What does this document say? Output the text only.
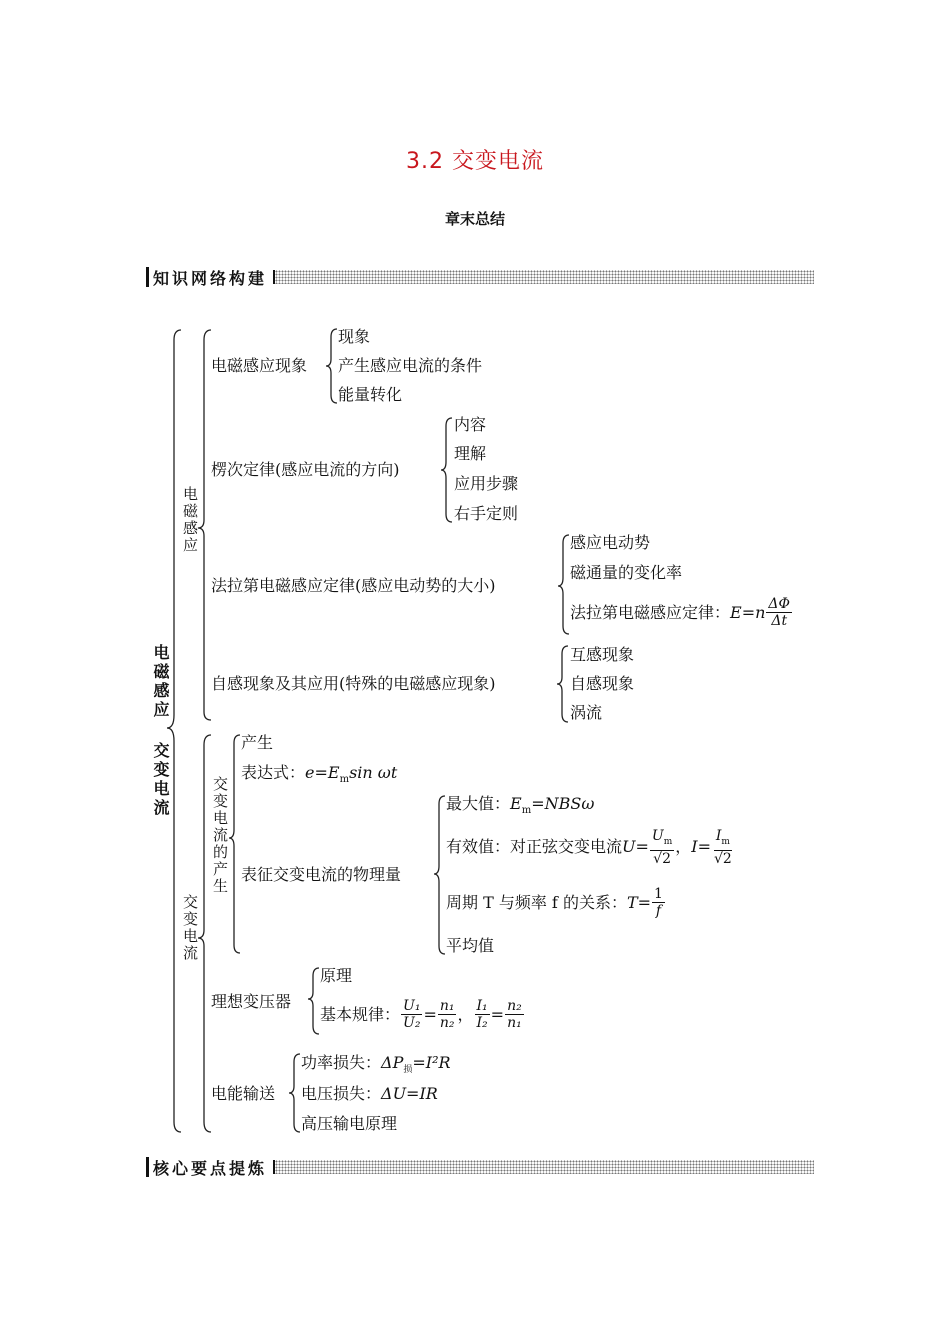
3.2 交变电流
章末总结
知识网络构建
电磁感应 交变电流
电磁感应
电磁感应现象
现象
产生感应电流的条件
能量转化
楞次定律(感应电流的方向)
内容
理解
应用步骤
右手定则
法拉第电磁感应定律(感应电动势的大小)
感应电动势
磁通量的变化率
法拉第电磁感应定律： $E=n \frac{\Delta\Phi}{\Delta t}$
自感现象及其应用(特殊的电磁感应现象)
互感现象
自感现象
涡流
交变电流
交变电流的产生
产生
表达式：$e=E_m\sin$ ωt
表征交变电流的物理量
最大值：$E_m=NBS\omega$
有效值：对正弦交变电流 $U= \frac{U_m}{√2}$ ， $I= \frac{I_m}{√2}$
周期 T 与频率 f 的关系： $T= \frac{1}{f}$
平均值
理想变压器
原理
基本规律： $\frac{\text{U₁}}{\text{U₂}} = \frac{\text{n₁}}{\text{n₂}}$ ， $\frac{\text{I₁}}{\text{I₂}} = \frac{\text{n₂}}{\text{n₁}}$
电能输送
功率损失：$\Delta P_损=I^2R$
电压损失：ΔU=IR
高压输电原理
核心要点提炼
